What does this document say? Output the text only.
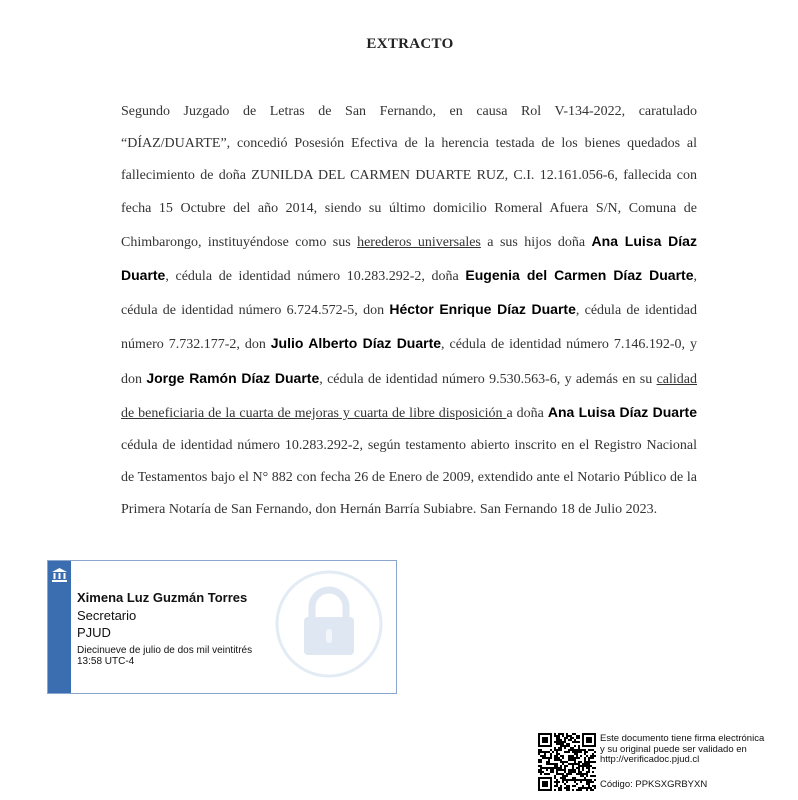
EXTRACTO
Segundo Juzgado de Letras de San Fernando, en causa Rol V-134-2022, caratulado “DÍAZ/DUARTE”, concedió Posesión Efectiva de la herencia testada de los bienes quedados al fallecimiento de doña ZUNILDA DEL CARMEN DUARTE RUZ, C.I. 12.161.056-6, fallecida con fecha 15 Octubre del año 2014, siendo su último domicilio Romeral Afuera S/N, Comuna de Chimbarongo, instituyéndose como sus herederos universales a sus hijos doña Ana Luisa Díaz Duarte, cédula de identidad número 10.283.292-2, doña Eugenia del Carmen Díaz Duarte, cédula de identidad número 6.724.572-5, don Héctor Enrique Díaz Duarte, cédula de identidad número 7.732.177-2, don Julio Alberto Díaz Duarte, cédula de identidad número 7.146.192-0, y don Jorge Ramón Díaz Duarte, cédula de identidad número 9.530.563-6, y además en su calidad de beneficiaria de la cuarta de mejoras y cuarta de libre disposición a doña Ana Luisa Díaz Duarte cédula de identidad número 10.283.292-2, según testamento abierto inscrito en el Registro Nacional de Testamentos bajo el N° 882 con fecha 26 de Enero de 2009, extendido ante el Notario Público de la Primera Notaría de San Fernando, don Hernán Barría Subiabre. San Fernando 18 de Julio 2023.
Ximena Luz Guzmán Torres
Secretario
PJUD
Diecinueve de julio de dos mil veintitrés
13:58 UTC-4
Este documento tiene firma electrónica
y su original puede ser validado en
http://verificadoc.pjud.cl
Código: PPKSXGRBYXN
